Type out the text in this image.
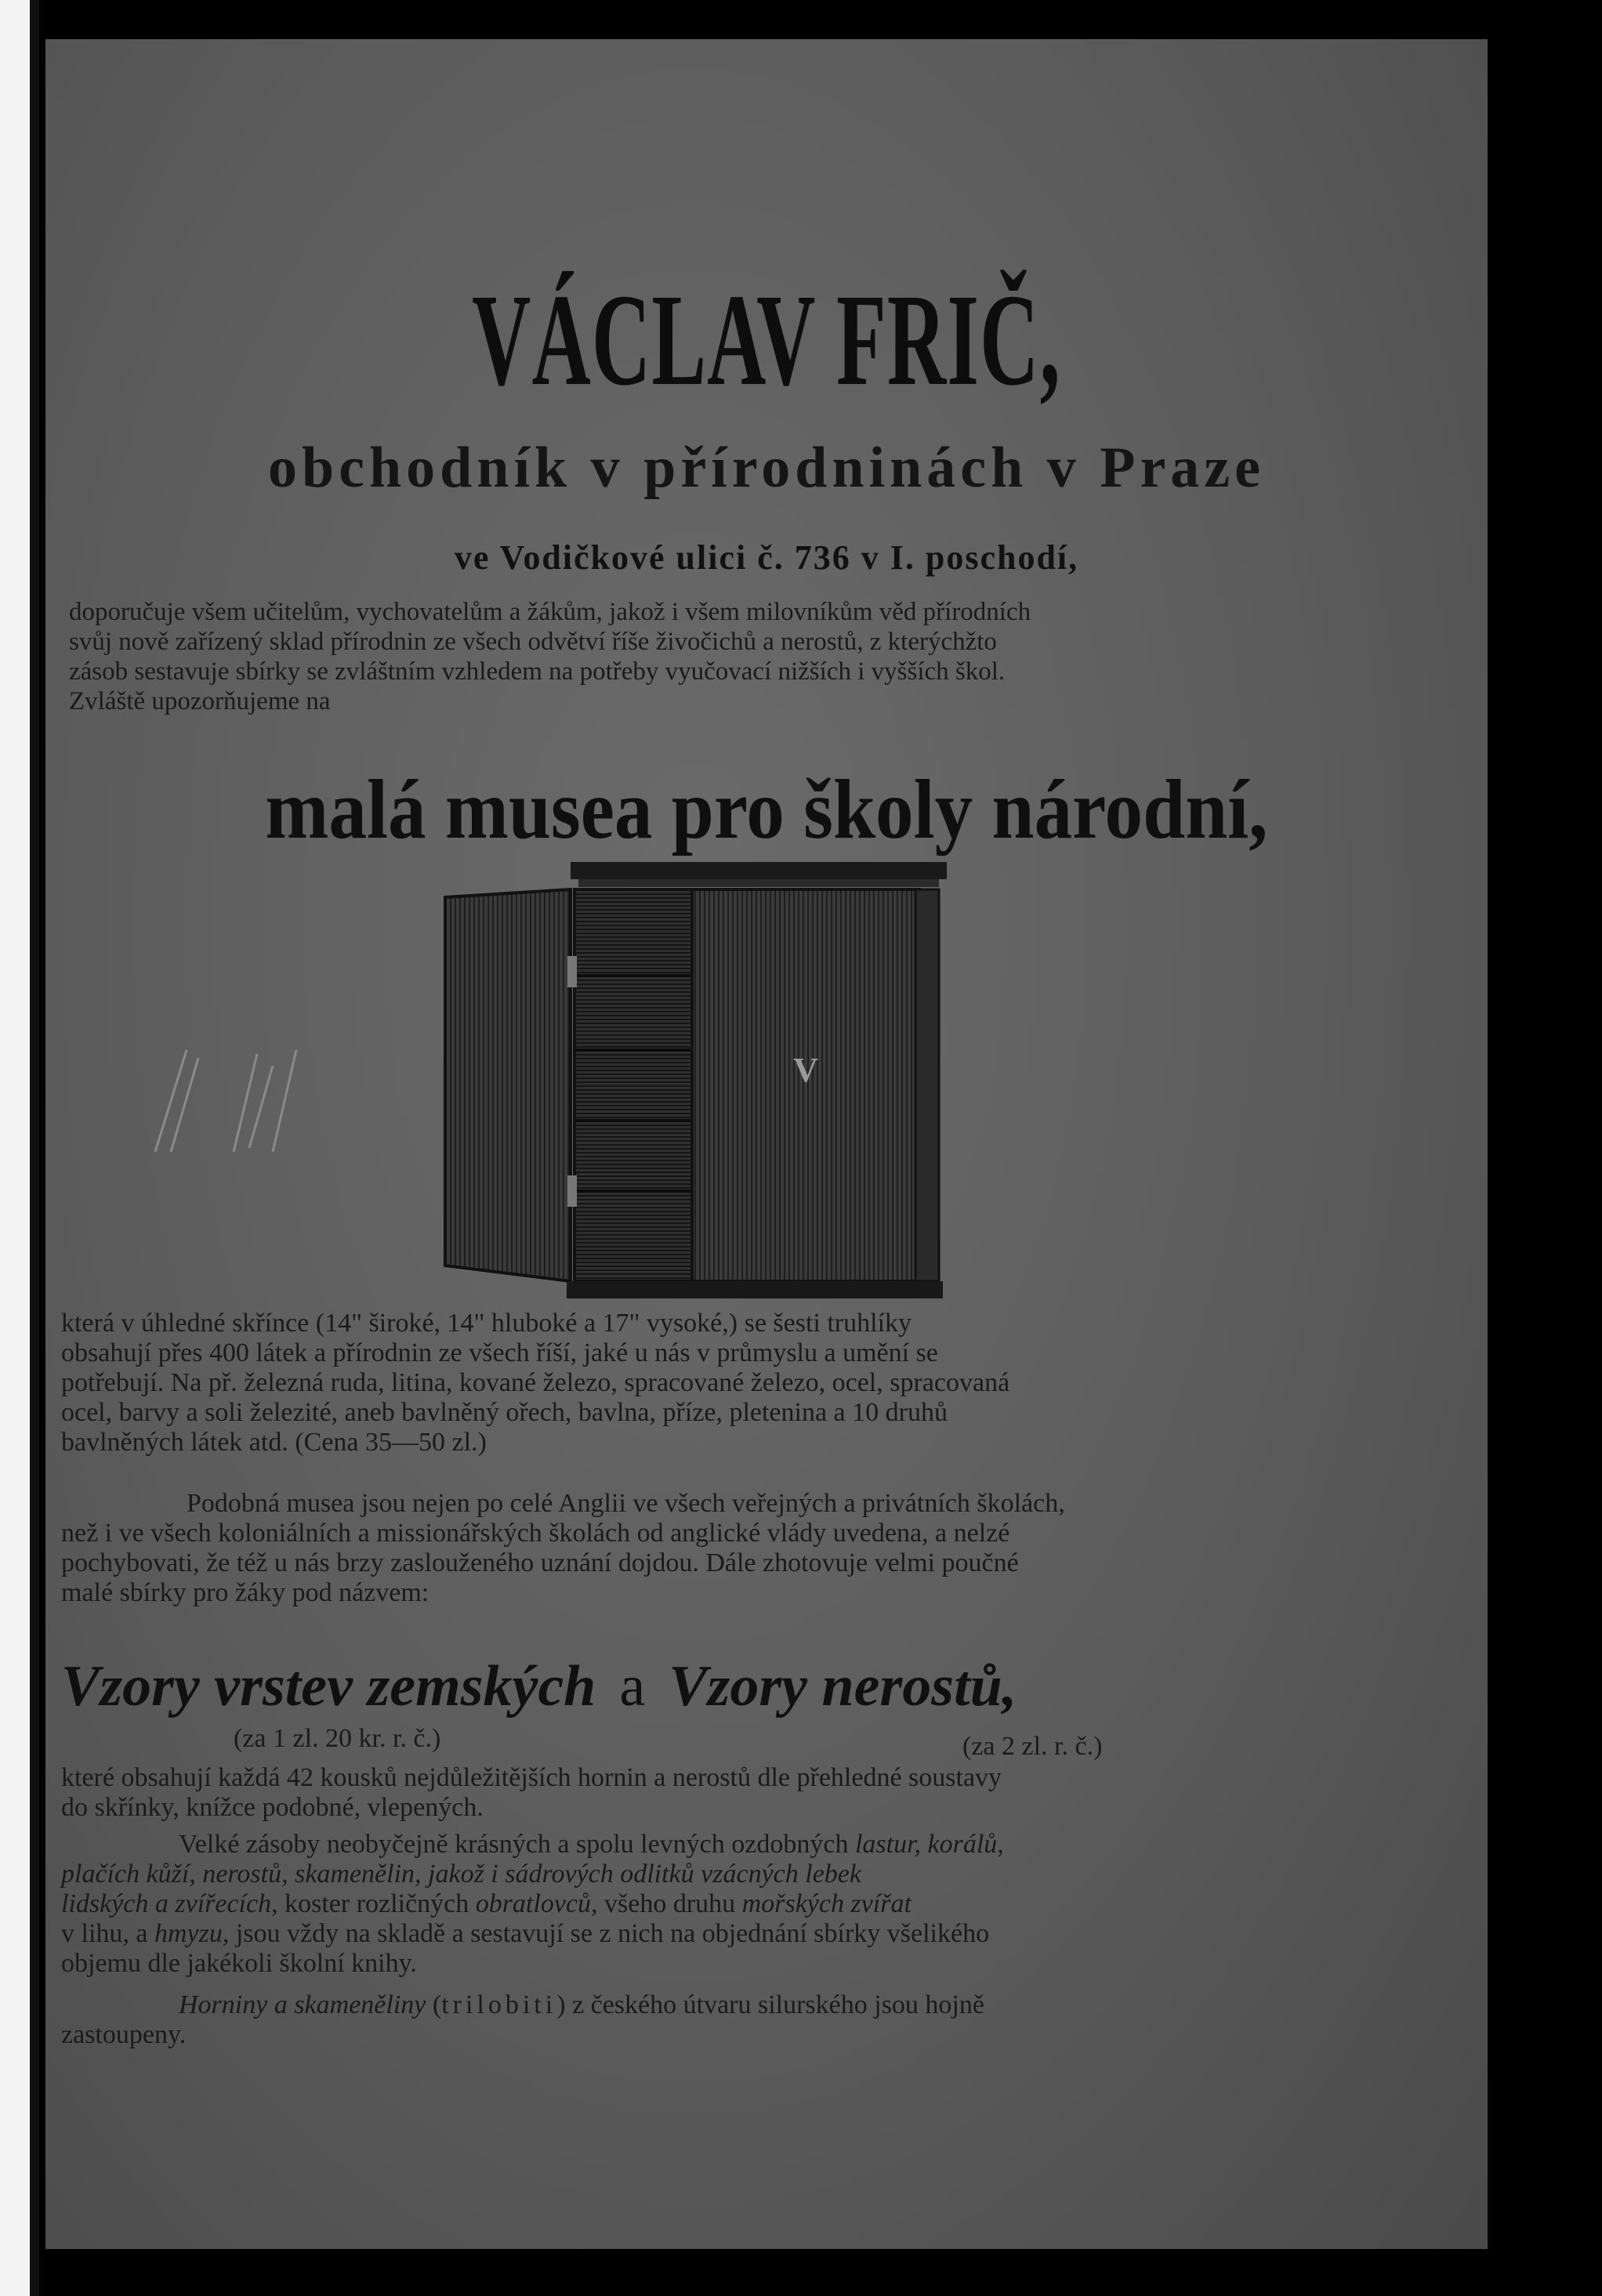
VÁCLAV FRIČ,
obchodník v přírodninách v Praze
ve Vodičkové ulici č. 736 v I. poschodí,
doporučuje všem učitelům, vychovatelům a žákům, jakož i všem milovníkům věd přírodních
svůj nově zařízený sklad přírodnin ze všech odvětví říše živočichů a nerostů, z kterýchžto
zásob sestavuje sbírky se zvláštním vzhledem na potřeby vyučovací nižších i vyšších škol.
Zvláště upozorňujeme na
malá musea pro školy národní,
V
která v úhledné skřínce (14" široké, 14" hluboké a 17" vysoké,) se šesti truhlíky
obsahují přes 400 látek a přírodnin ze všech říší, jaké u nás v průmyslu a umění se
potřebují. Na př. železná ruda, litina, kované železo, spracované železo, ocel, spracovaná
ocel, barvy a soli železité, aneb bavlněný ořech, bavlna, příze, pletenina a 10 druhů
bavlněných látek atd. (Cena 35—50 zl.)
Podobná musea jsou nejen po celé Anglii ve všech veřejných a privátních školách,
než i ve všech koloniálních a missionářských školách od anglické vlády uvedena, a nelzé
pochybovati, že též u nás brzy zaslouženého uznání dojdou. Dále zhotovuje velmi poučné
malé sbírky pro žáky pod názvem:
Vzory vrstev zemských a Vzory nerostů,
(za 1 zl. 20 kr. r. č.)	(za 2 zl. r. č.)
které obsahují každá 42 kousků nejdůležitějších hornin a nerostů dle přehledné soustavy
do skřínky, knížce podobné, vlepených.
Velké zásoby neobyčejně krásných a spolu levných ozdobných lastur, korálů,
plačích kůží, nerostů, skamenělin, jakož i sádrových odlitků vzácných lebek
lidských a zvířecích, koster rozličných obratlovců, všeho druhu mořských zvířat
v lihu, a hmyzu, jsou vždy na skladě a sestavují se z nich na objednání sbírky všelikého
objemu dle jakékoli školní knihy.
Horniny a skameněliny (trilobiti) z českého útvaru silurského jsou hojně
zastoupeny.
